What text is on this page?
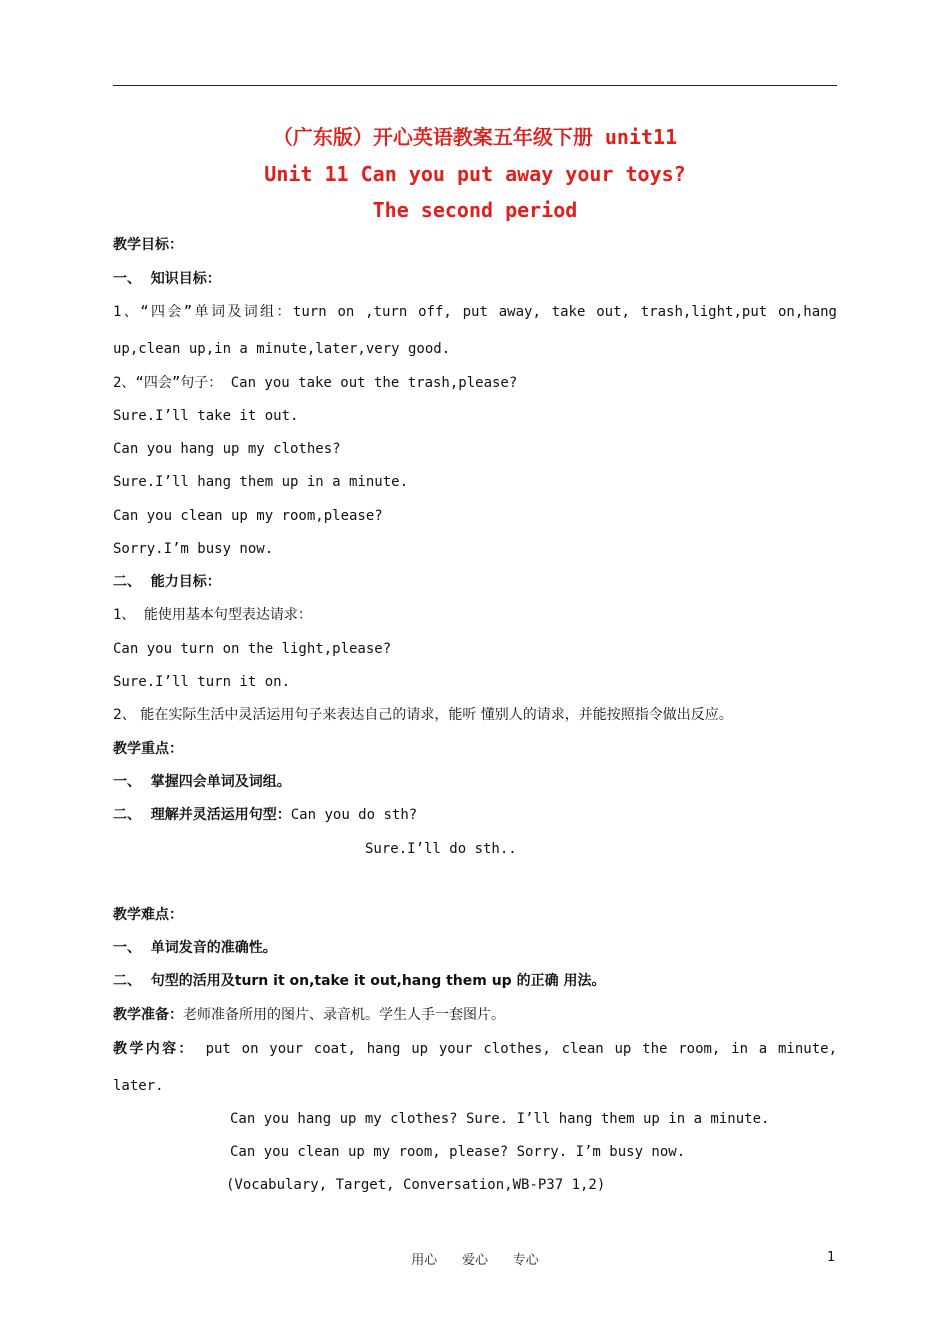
（广东版）开心英语教案五年级下册 unit11
Unit 11 Can you put away your toys?
The second period
教学目标：
一、  知识目标：
1、“四会”单词及词组：turn on ,turn off, put away, take out, trash,light,put on,hang
up,clean up,in a minute,later,very good.
2、“四会”句子： Can you take out the trash,please?
Sure.I’ll take it out.
Can you hang up my clothes?
Sure.I’ll hang them up in a minute.
Can you clean up my room,please?
Sorry.I’m busy now.
二、  能力目标：
1、 能使用基本句型表达请求：
Can you turn on the light,please?
Sure.I’ll turn it on.
2、 能在实际生活中灵活运用句子来表达自己的请求，能听 懂别人的请求，并能按照指令做出反应。
教学重点：
一、  掌握四会单词及词组。
二、  理解并灵活运用句型：Can you do sth?
Sure.I’ll do sth..
教学难点：
一、  单词发音的准确性。
二、  句型的活用及turn it on,take it out,hang them up 的正确 用法。
教学准备：老师准备所用的图片、录音机。学生人手一套图片。
教学内容： put on your coat, hang up your clothes, clean up the room, in a minute,
later.
Can you hang up my clothes? Sure. I’ll hang them up in a minute.
Can you clean up my room, please? Sorry. I’m busy now.
(Vocabulary, Target, Conversation,WB-P37 1,2)
用心      爱心      专心	1
